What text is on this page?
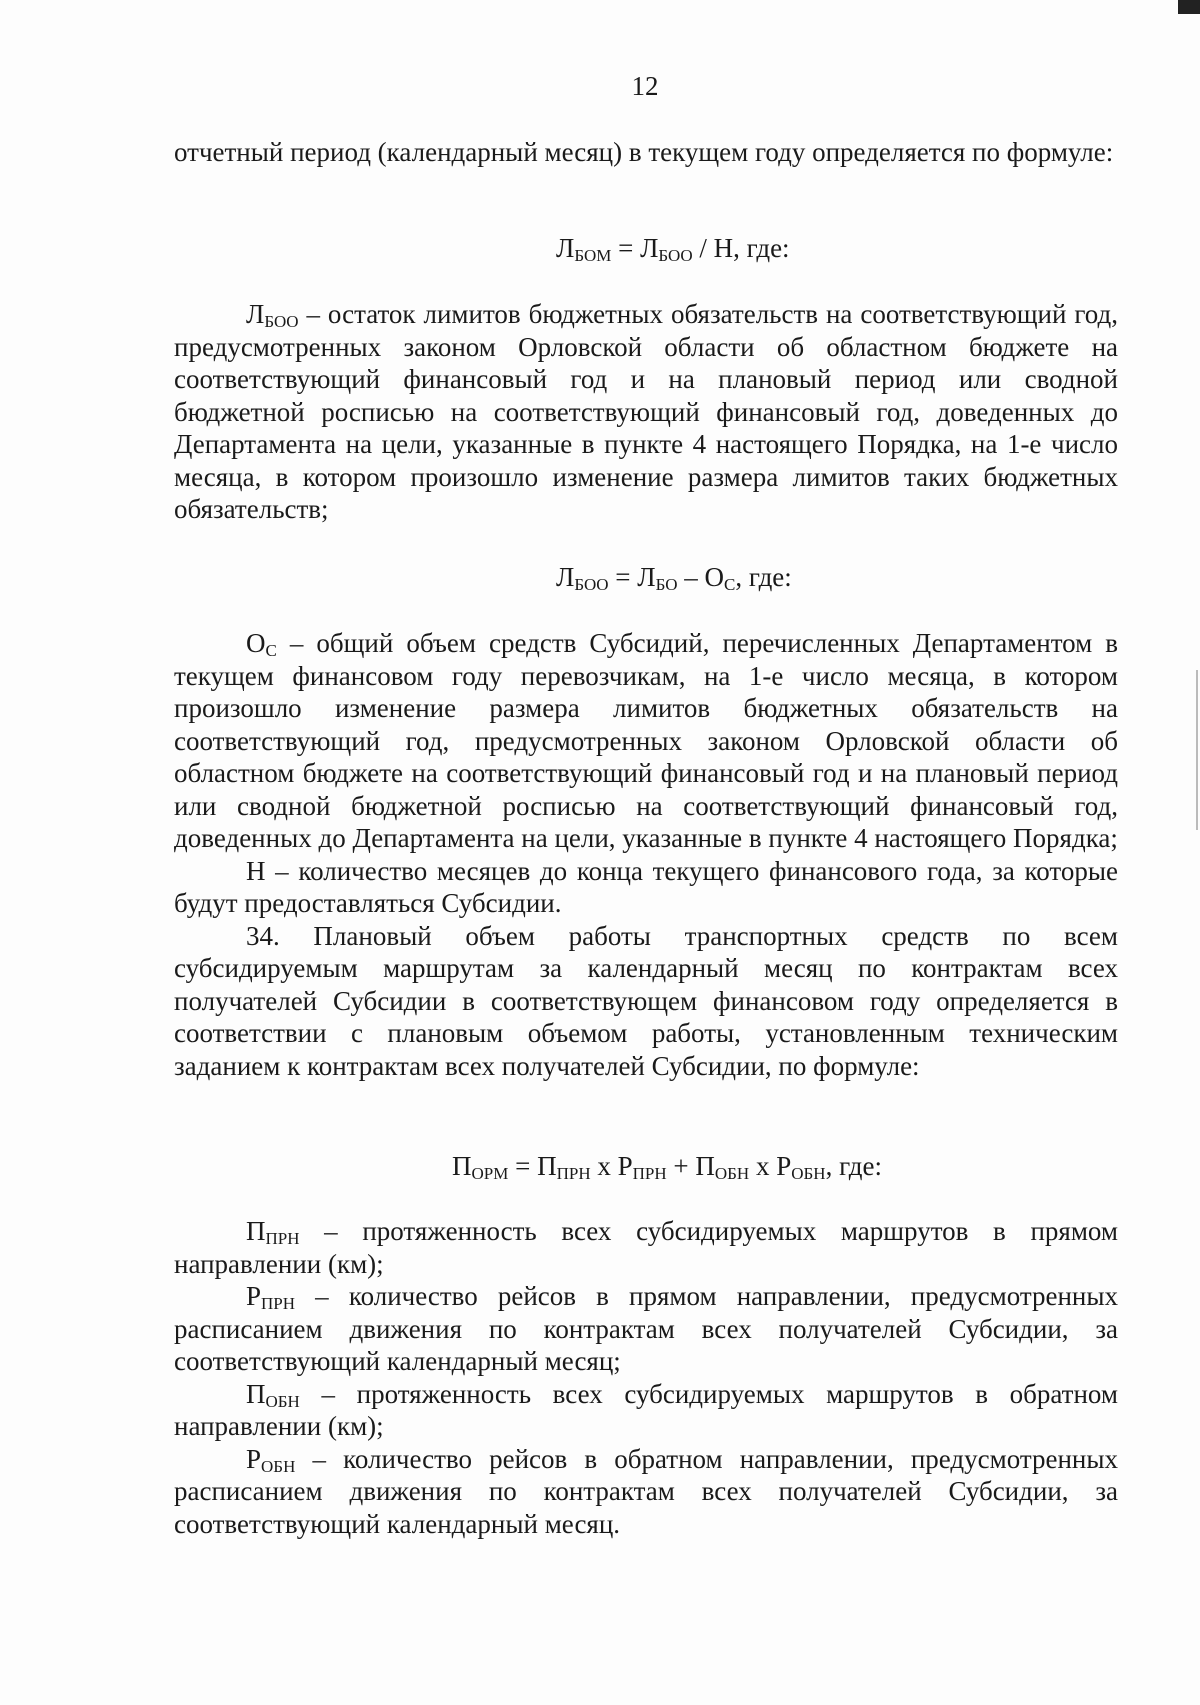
12

отчетный период (календарный месяц) в текущем году определяется по формуле:

$Л_{БОМ} = Л_{БОО} / Н$, где:

$Л_{БОО}$ – остаток лимитов бюджетных обязательств на соответствующий год, предусмотренных законом Орловской области об областном бюджете на соответствующий финансовый год и на плановый период или сводной бюджетной росписью на соответствующий финансовый год, доведенных до Департамента на цели, указанные в пункте 4 настоящего Порядка, на 1-е число месяца, в котором произошло изменение размера лимитов таких бюджетных обязательств;

$Л_{БОО} = Л_{БО} - О_С$, где:

$О_С$ – общий объем средств Субсидий, перечисленных Департаментом в текущем финансовом году перевозчикам, на 1-е число месяца, в котором произошло изменение размера лимитов бюджетных обязательств на соответствующий год, предусмотренных законом Орловской области об областном бюджете на соответствующий финансовый год и на плановый период или сводной бюджетной росписью на соответствующий финансовый год, доведенных до Департамента на цели, указанные в пункте 4 настоящего Порядка;

Н – количество месяцев до конца текущего финансового года, за которые будут предоставляться Субсидии.

34. Плановый объем работы транспортных средств по всем субсидируемым маршрутам за календарный месяц по контрактам всех получателей Субсидии в соответствующем финансовом году определяется в соответствии с плановым объемом работы, установленным техническим заданием к контрактам всех получателей Субсидии, по формуле:

$П_{ОРМ} = П_{ПРН}$ х $Р_{ПРН} + П_{ОБН}$ х $Р_{ОБН}$, где:

$П_{ПРН}$ – протяженность всех субсидируемых маршрутов в прямом направлении (км);

$Р_{ПРН}$ – количество рейсов в прямом направлении, предусмотренных расписанием движения по контрактам всех получателей Субсидии, за соответствующий календарный месяц;

$П_{ОБН}$ – протяженность всех субсидируемых маршрутов в обратном направлении (км);

$Р_{ОБН}$ – количество рейсов в обратном направлении, предусмотренных расписанием движения по контрактам всех получателей Субсидии, за соответствующий календарный месяц.
